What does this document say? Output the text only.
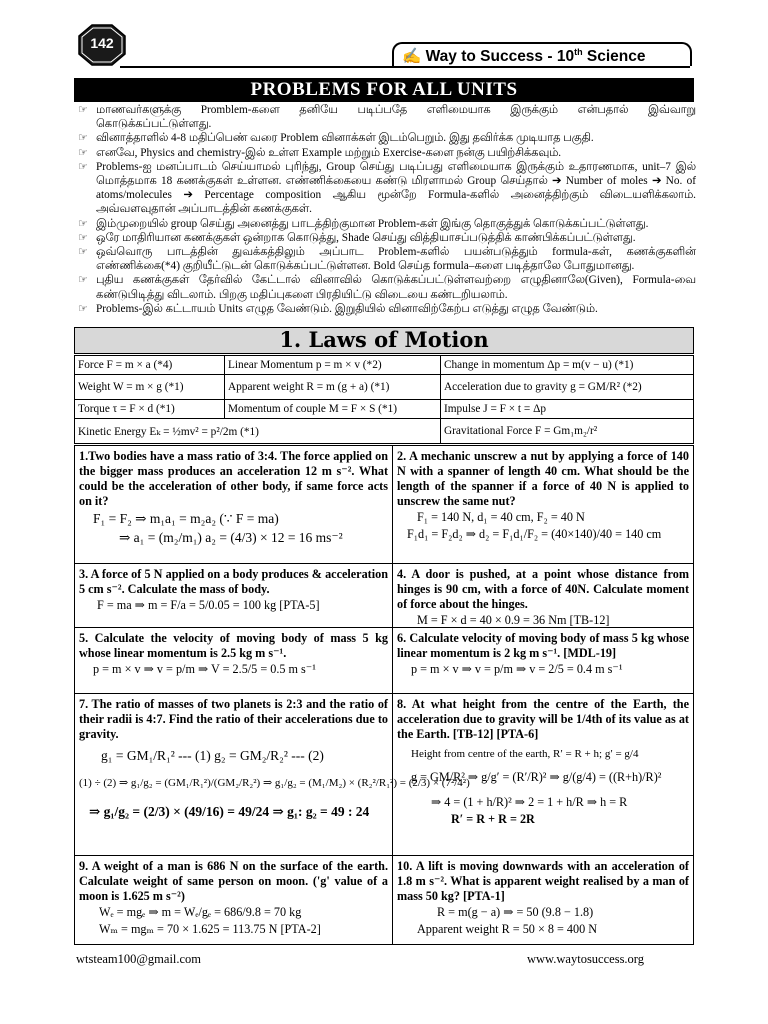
142
✍ Way to Success - 10th Science
PROBLEMS FOR ALL UNITS
☞ மாணவர்களுக்கு Promblem-களை தனியே படிப்பதே எளிமையாக இருக்கும் என்பதால் இவ்வாறு கொடுக்கப்பட்டுள்ளது.
☞ வினாத்தாளில் 4-8 மதிப்பெண் வரை Problem வினாக்கள் இடம்பெறும். இது தவிர்க்க முடியாத பகுதி.
☞ எனவே, Physics and chemistry-இல் உள்ள Example மற்றும் Exercise-களை நன்கு பயிற்சிக்கவும்.
☞ Problems-ஐ மனப்பாடம் செய்யாமல் புரிந்து, Group செய்து படிப்பது எளிமையாக இருக்கும் உதாரணமாக, unit–7 இல் மொத்தமாக 18 கணக்குகள் உள்ளன. எண்ணிக்கையை கண்டு மிரளாமல் Group செய்தால் ➔ Number of moles ➔ No. of atoms/molecules ➔ Percentage composition ஆகிய மூன்றே Formula-களில் அனைத்திற்கும் விடையளிக்கலாம். அவ்வளவுதான் அப்பாடத்தின் கணக்குகள்.
☞ இம்முறையில் group செய்து அனைத்து பாடத்திற்குமான Problem-கள் இங்கு தொகுத்துக் கொடுக்கப்பட்டுள்ளது.
☞ ஒரே மாதிரியான கணக்குகள் ஒன்றாக கொடுத்து, Shade செய்து வித்தியாசப்படுத்திக் காண்பிக்கப்பட்டுள்ளது.
☞ ஒவ்வொரு பாடத்தின் துவக்கத்திலும் அப்பாட Problem-களில் பயன்படுத்தும் formula-கள், கணக்குகளின் எண்ணிக்கை(*4) குறியீட்டுடன் கொடுக்கப்பட்டுள்ளன. Bold செய்த formula–களை படித்தாலே போதுமானது.
☞ புதிய கணக்குகள் தேர்வில் கேட்டால் வினாவில் கொடுக்கப்பட்டுள்ளவற்றை எழுதினாலே(Given), Formula-வை கண்டுபிடித்து விடலாம். பிறகு மதிப்புகளை பிரதியிட்டு விடையை கண்டறியலாம்.
☞ Problems-இல் கட்டாயம் Units எழுத வேண்டும். இறுதியில் வினாவிற்கேற்ப எடுத்து எழுத வேண்டும்.
1. Laws of Motion
Force F = m × a (*4)	Linear Momentum p = m × v (*2)	Change in momentum Δp = m(v − u) (*1)
Weight W = m × g (*1)	Apparent weight R = m (g + a) (*1)	Acceleration due to gravity g = GM/R² (*2)
Torque τ = F × d (*1)	Momentum of couple M = F × S (*1)	Impulse J = F × t = Δp
Kinetic Energy Eₖ = ½mv² = p²/2m (*1)		Gravitational Force F = Gm₁m₂/r²
1.Two bodies have a mass ratio of 3:4. The force applied on the bigger mass produces an acceleration 12 m s⁻². What could be the acceleration of other body, if same force acts on it?
F₁ = F₂ ⇒ m₁a₁ = m₂a₂ (∵ F = ma)
⇒ a₁ = (m₂/m₁) a₂ = (4/3) × 12 = 16 ms⁻²
2. A mechanic unscrew a nut by applying a force of 140 N with a spanner of length 40 cm. What should be the length of the spanner if a force of 40 N is applied to unscrew the same nut?
F₁ = 140 N, d₁ = 40 cm, F₂ = 40 N
F₁d₁ = F₂d₂ ⇒ d₂ = F₁d₁/F₂ = (40×140)/40 = 140 cm
3. A force of 5 N applied on a body produces & acceleration 5 cm s⁻². Calculate the mass of body.
F = ma ⇒ m = F/a = 5/0.05 = 100 kg [PTA-5]
4. A door is pushed, at a point whose distance from hinges is 90 cm, with a force of 40N. Calculate moment of force about the hinges.
M = F × d = 40 × 0.9 = 36 Nm [TB-12]
5. Calculate the velocity of moving body of mass 5 kg whose linear momentum is 2.5 kg m s⁻¹.
p = m × v ⇒ v = p/m ⇒ V = 2.5/5 = 0.5 m s⁻¹
6. Calculate velocity of moving body of mass 5 kg whose linear momentum is 2 kg m s⁻¹. [MDL-19]
p = m × v ⇒ v = p/m ⇒ v = 2/5 = 0.4 m s⁻¹
7. The ratio of masses of two planets is 2:3 and the ratio of their radii is 4:7. Find the ratio of their accelerations due to gravity.
g₁ = GM₁/R₁² --- (1) g₂ = GM₂/R₂² --- (2)
(1) ÷ (2) ⇒ g₁/g₂ = (GM₁/R₁²)/(GM₂/R₂²) ⇒ g₁/g₂ = (M₁/M₂) × (R₂²/R₁²) = (2/3) × (7²/4²)
⇒ g₁/g₂ = (2/3) × (49/16) = 49/24 ⇒ g₁: g₂ = 49 : 24
8. At what height from the centre of the Earth, the acceleration due to gravity will be 1/4th of its value as at the Earth. [TB-12] [PTA-6]
Height from centre of the earth, R′ = R + h; g′ = g/4
g = GM/R² ⇒ g/g′ = (R′/R)² ⇒ g/(g/4) = ((R+h)/R)²
⇒ 4 = (1 + h/R)² ⇒ 2 = 1 + h/R ⇒ h = R
R′ = R + R = 2R
9. A weight of a man is 686 N on the surface of the earth. Calculate weight of same person on moon. ('g' value of a moon is 1.625 m s⁻²)
Wₑ = mgₑ ⇒ m = Wₑ/gₑ = 686/9.8 = 70 kg
Wₘ = mgₘ = 70 × 1.625 = 113.75 N [PTA-2]
10. A lift is moving downwards with an acceleration of 1.8 m s⁻². What is apparent weight realised by a man of mass 50 kg? [PTA-1]
R = m(g − a) ⇒ = 50 (9.8 − 1.8)
Apparent weight R = 50 × 8 = 400 N
wtsteam100@gmail.com	www.waytosuccess.org
